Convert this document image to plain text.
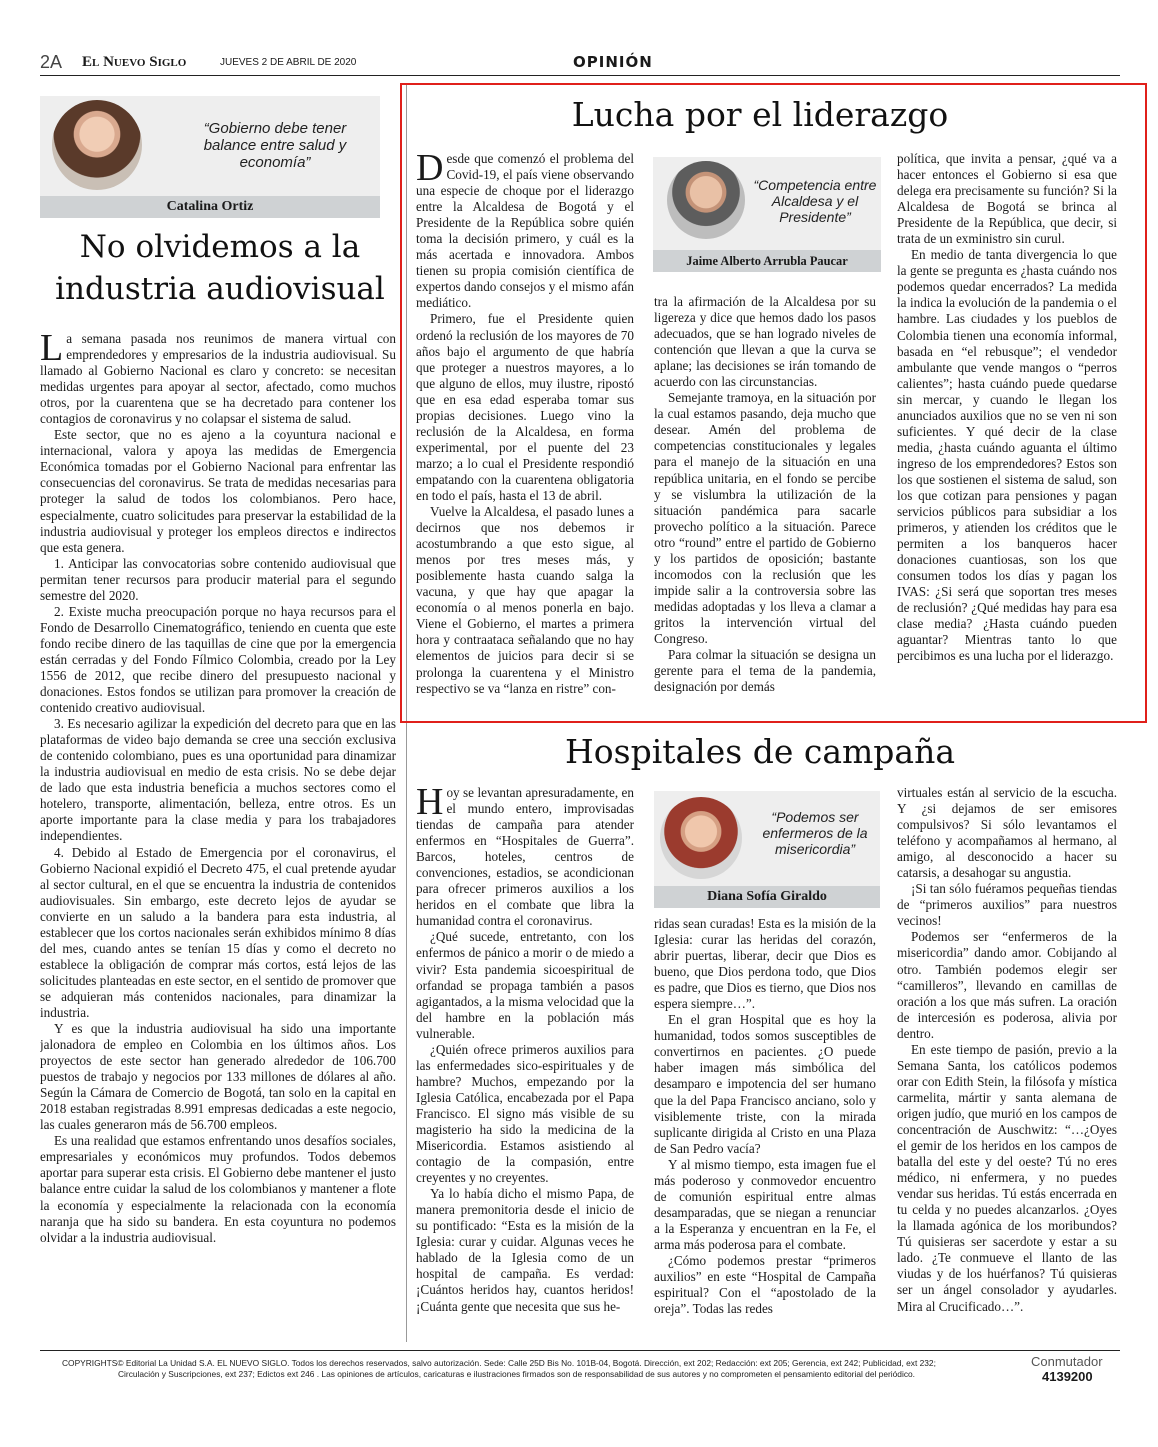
2A El Nuevo Siglo	JUEVES 2 DE ABRIL DE 2020	OPINIÓN
“Gobierno debe tener balance entre salud y economía”
Catalina Ortiz
No olvidemos a la industria audiovisual

La semana pasada nos reunimos de manera virtual con emprendedores y empresarios de la industria audiovisual. Su llamado al Gobierno Nacional es claro y concreto: se necesitan medidas urgentes para apoyar al sector, afectado, como muchos otros, por la cuarentena que se ha decretado para contener los contagios de coronavirus y no colapsar el sistema de salud.

Este sector, que no es ajeno a la coyuntura nacional e internacional, valora y apoya las medidas de Emergencia Económica tomadas por el Gobierno Nacional para enfrentar las consecuencias del coronavirus. Se trata de medidas necesarias para proteger la salud de todos los colombianos. Pero hace, especialmente, cuatro solicitudes para preservar la estabilidad de la industria audiovisual y proteger los empleos directos e indirectos que esta genera.

1. Anticipar las convocatorias sobre contenido audiovisual que permitan tener recursos para producir material para el segundo semestre del 2020.

2. Existe mucha preocupación porque no haya recursos para el Fondo de Desarrollo Cinematográfico, teniendo en cuenta que este fondo recibe dinero de las taquillas de cine que por la emergencia están cerradas y del Fondo Fílmico Colombia, creado por la Ley 1556 de 2012, que recibe dinero del presupuesto nacional y donaciones. Estos fondos se utilizan para promover la creación de contenido creativo audiovisual.

3. Es necesario agilizar la expedición del decreto para que en las plataformas de video bajo demanda se cree una sección exclusiva de contenido colombiano, pues es una oportunidad para dinamizar la industria audiovisual en medio de esta crisis. No se debe dejar de lado que esta industria beneficia a muchos sectores como el hotelero, transporte, alimentación, belleza, entre otros. Es un aporte importante para la clase media y para los trabajadores independientes.

4. Debido al Estado de Emergencia por el coronavirus, el Gobierno Nacional expidió el Decreto 475, el cual pretende ayudar al sector cultural, en el que se encuentra la industria de contenidos audiovisuales. Sin embargo, este decreto lejos de ayudar se convierte en un saludo a la bandera para esta industria, al establecer que los cortos nacionales serán exhibidos mínimo 8 días del mes, cuando antes se tenían 15 días y como el decreto no establece la obligación de comprar más cortos, está lejos de las solicitudes planteadas en este sector, en el sentido de promover que se adquieran más contenidos nacionales, para dinamizar la industria.

Y es que la industria audiovisual ha sido una importante jalonadora de empleo en Colombia en los últimos años. Los proyectos de este sector han generado alrededor de 106.700 puestos de trabajo y negocios por 133 millones de dólares al año. Según la Cámara de Comercio de Bogotá, tan solo en la capital en 2018 estaban registradas 8.991 empresas dedicadas a este negocio, las cuales generaron más de 56.700 empleos.

Es una realidad que estamos enfrentando unos desafíos sociales, empresariales y económicos muy profundos. Todos debemos aportar para superar esta crisis. El Gobierno debe mantener el justo balance entre cuidar la salud de los colombianos y mantener a flote la economía y especialmente la relacionada con la economía naranja que ha sido su bandera. En esta coyuntura no podemos olvidar a la industria audiovisual.

Lucha por el liderazgo

Desde que comenzó el problema del Covid-19, el país viene observando una especie de choque por el liderazgo entre la Alcaldesa de Bogotá y el Presidente de la República sobre quién toma la decisión primero, y cuál es la más acertada e innovadora. Ambos tienen su propia comisión científica de expertos dando consejos y el mismo afán mediático.

Primero, fue el Presidente quien ordenó la reclusión de los mayores de 70 años bajo el argumento de que habría que proteger a nuestros mayores, a lo que alguno de ellos, muy ilustre, ripostó que en esa edad esperaba tomar sus propias decisiones. Luego vino la reclusión de la Alcaldesa, en forma experimental, por el puente del 23 marzo; a lo cual el Presidente respondió empatando con la cuarentena obligatoria en todo el país, hasta el 13 de abril.

Vuelve la Alcaldesa, el pasado lunes a decirnos que nos debemos ir acostumbrando a que esto sigue, al menos por tres meses más, y posiblemente hasta cuando salga la vacuna, y que hay que apagar la economía o al menos ponerla en bajo. Viene el Gobierno, el martes a primera hora y contraataca señalando que no hay elementos de juicios para decir si se prolonga la cuarentena y el Ministro respectivo se va “lanza en ristre” con-

“Competencia entre Alcaldesa y el Presidente”
Jaime Alberto Arrubla Paucar

tra la afirmación de la Alcaldesa por su ligereza y dice que hemos dado los pasos adecuados, que se han logrado niveles de contención que llevan a que la curva se aplane; las decisiones se irán tomando de acuerdo con las circunstancias.

Semejante tramoya, en la situación por la cual estamos pasando, deja mucho que desear. Amén del problema de competencias constitucionales y legales para el manejo de la situación en una república unitaria, en el fondo se percibe y se vislumbra la utilización de la situación pandémica para sacarle provecho político a la situación. Parece otro “round” entre el partido de Gobierno y los partidos de oposición; bastante incomodos con la reclusión que les impide salir a la controversia sobre las medidas adoptadas y los lleva a clamar a gritos la intervención virtual del Congreso.

Para colmar la situación se designa un gerente para el tema de la pandemia, designación por demás

política, que invita a pensar, ¿qué va a hacer entonces el Gobierno si esa que delega era precisamente su función? Si la Alcaldesa de Bogotá se brinca al Presidente de la República, que decir, si trata de un exministro sin curul.

En medio de tanta divergencia lo que la gente se pregunta es ¿hasta cuándo nos podemos quedar encerrados? La medida la indica la evolución de la pandemia o el hambre. Las ciudades y los pueblos de Colombia tienen una economía informal, basada en “el rebusque”; el vendedor ambulante que vende mangos o “perros calientes”; hasta cuándo puede quedarse sin mercar, y cuando le llegan los anunciados auxilios que no se ven ni son suficientes. Y qué decir de la clase media, ¿hasta cuándo aguanta el último ingreso de los emprendedores? Estos son los que sostienen el sistema de salud, son los que cotizan para pensiones y pagan servicios públicos para subsidiar a los primeros, y atienden los créditos que le permiten a los banqueros hacer donaciones cuantiosas, son los que consumen todos los días y pagan los IVAS: ¿Si será que soportan tres meses de reclusión? ¿Qué medidas hay para esa clase media? ¿Hasta cuándo pueden aguantar? Mientras tanto lo que percibimos es una lucha por el liderazgo.

Hospitales de campaña

Hoy se levantan apresuradamente, en el mundo entero, improvisadas tiendas de campaña para atender enfermos en “Hospitales de Guerra”. Barcos, hoteles, centros de convenciones, estadios, se acondicionan para ofrecer primeros auxilios a los heridos en el combate que libra la humanidad contra el coronavirus.

¿Qué sucede, entretanto, con los enfermos de pánico a morir o de miedo a vivir? Esta pandemia sicoespiritual de orfandad se propaga también a pasos agigantados, a la misma velocidad que la del hambre en la población más vulnerable.

¿Quién ofrece primeros auxilios para las enfermedades sico-espirituales y de hambre? Muchos, empezando por la Iglesia Católica, encabezada por el Papa Francisco. El signo más visible de su magisterio ha sido la medicina de la Misericordia. Estamos asistiendo al contagio de la compasión, entre creyentes y no creyentes.

Ya lo había dicho el mismo Papa, de manera premonitoria desde el inicio de su pontificado: “Esta es la misión de la Iglesia: curar y cuidar. Algunas veces he hablado de la Iglesia como de un hospital de campaña. Es verdad: ¡Cuántos heridos hay, cuantos heridos! ¡Cuánta gente que necesita que sus he-

“Podemos ser enfermeros de la misericordia”
Diana Sofía Giraldo

ridas sean curadas! Esta es la misión de la Iglesia: curar las heridas del corazón, abrir puertas, liberar, decir que Dios es bueno, que Dios perdona todo, que Dios es padre, que Dios es tierno, que Dios nos espera siempre…”.

En el gran Hospital que es hoy la humanidad, todos somos susceptibles de convertirnos en pacientes. ¿O puede haber imagen más simbólica del desamparo e impotencia del ser humano que la del Papa Francisco anciano, solo y visiblemente triste, con la mirada suplicante dirigida al Cristo en una Plaza de San Pedro vacía?

Y al mismo tiempo, esta imagen fue el más poderoso y conmovedor encuentro de comunión espiritual entre almas desamparadas, que se niegan a renunciar a la Esperanza y encuentran en la Fe, el arma más poderosa para el combate.

¿Cómo podemos prestar “primeros auxilios” en este “Hospital de Campaña espiritual? Con el “apostolado de la oreja”. Todas las redes

virtuales están al servicio de la escucha. Y ¿si dejamos de ser emisores compulsivos? Si sólo levantamos el teléfono y acompañamos al hermano, al amigo, al desconocido a hacer su catarsis, a desahogar su angustia.

¡Si tan sólo fuéramos pequeñas tiendas de “primeros auxilios” para nuestros vecinos!

Podemos ser “enfermeros de la misericordia” dando amor. Cobijando al otro. También podemos elegir ser “camilleros”, llevando en camillas de oración a los que más sufren. La oración de intercesión es poderosa, alivia por dentro.

En este tiempo de pasión, previo a la Semana Santa, los católicos podemos orar con Edith Stein, la filósofa y mística carmelita, mártir y santa alemana de origen judío, que murió en los campos de concentración de Auschwitz: “…¿Oyes el gemir de los heridos en los campos de batalla del este y del oeste? Tú no eres médico, ni enfermera, y no puedes vendar sus heridas. Tú estás encerrada en tu celda y no puedes alcanzarlos. ¿Oyes la llamada agónica de los moribundos? Tú quisieras ser sacerdote y estar a su lado. ¿Te conmueve el llanto de las viudas y de los huérfanos? Tú quisieras ser un ángel consolador y ayudarles. Mira al Crucificado…”.

COPYRIGHTS© Editorial La Unidad S.A. EL NUEVO SIGLO. Todos los derechos reservados, salvo autorización. Sede: Calle 25D Bis No. 101B-04, Bogotá. Dirección, ext 202; Redacción: ext 205; Gerencia, ext 242; Publicidad, ext 232;
Circulación y Suscripciones, ext 237; Edictos ext 246 . Las opiniones de artículos, caricaturas e ilustraciones firmados son de responsabilidad de sus autores y no comprometen el pensamiento editorial del periódico.
Conmutador
4139200
